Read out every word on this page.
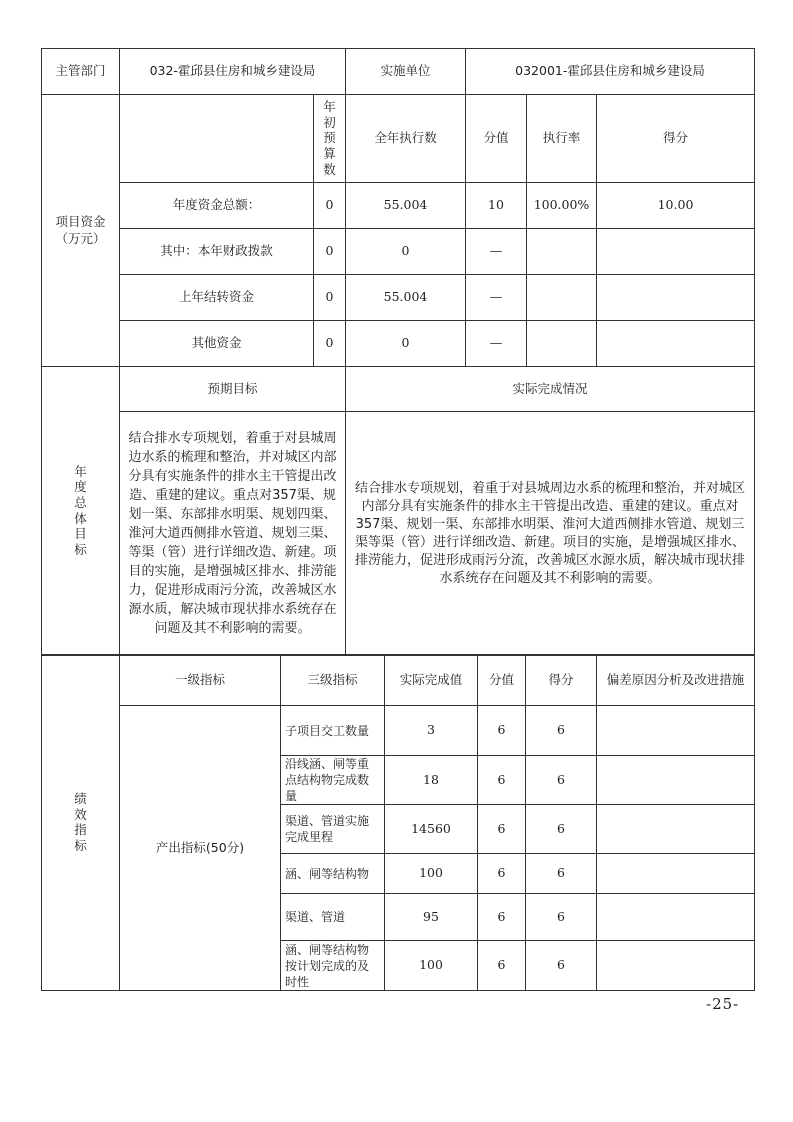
主管部门	032-霍邱县住房和城乡建设局		实施单位	032001-霍邱县住房和城乡建设局		
项目资金（万元）		年初预算数	全年执行数	分值	执行率	得分
	年度资金总额：	0	55.004	10	100.00%	10.00
	其中：本年财政拨款	0	0	—		
	上年结转资金	0	55.004	—		
	其他资金	0	0	—		
年度总体目标	预期目标		实际完成情况			
	结合排水专项规划，着重于对县城周边水系的梳理和整治，并对城区内部分具有实施条件的排水主干管提出改造、重建的建议。重点对357渠、规划一渠、东部排水明渠、规划四渠、淮河大道西侧排水管道、规划三渠、等渠（管）进行详细改造、新建。项目的实施，是增强城区排水、排涝能力，促进形成雨污分流，改善城区水源水质，解决城市现状排水系统存在问题及其不利影响的需要。		结合排水专项规划，着重于对县城周边水系的梳理和整治，并对城区内部分具有实施条件的排水主干管提出改造、重建的建议。重点对357渠、规划一渠、东部排水明渠、淮河大道西侧排水管道、规划三渠等渠（管）进行详细改造、新建。项目的实施，是增强城区排水、排涝能力，促进形成雨污分流，改善城区水源水质，解决城市现状排水系统存在问题及其不利影响的需要。			
绩效指标	一级指标	三级指标	实际完成值	分值	得分	偏差原因分析及改进措施
	产出指标(50分)	子项目交工数量	3	6	6	
		沿线涵、闸等重点结构物完成数量	18	6	6	
		渠道、管道实施完成里程	14560	6	6	
		涵、闸等结构物	100	6	6	
		渠道、管道	95	6	6	
		涵、闸等结构物按计划完成的及时性	100	6	6	
-25-
